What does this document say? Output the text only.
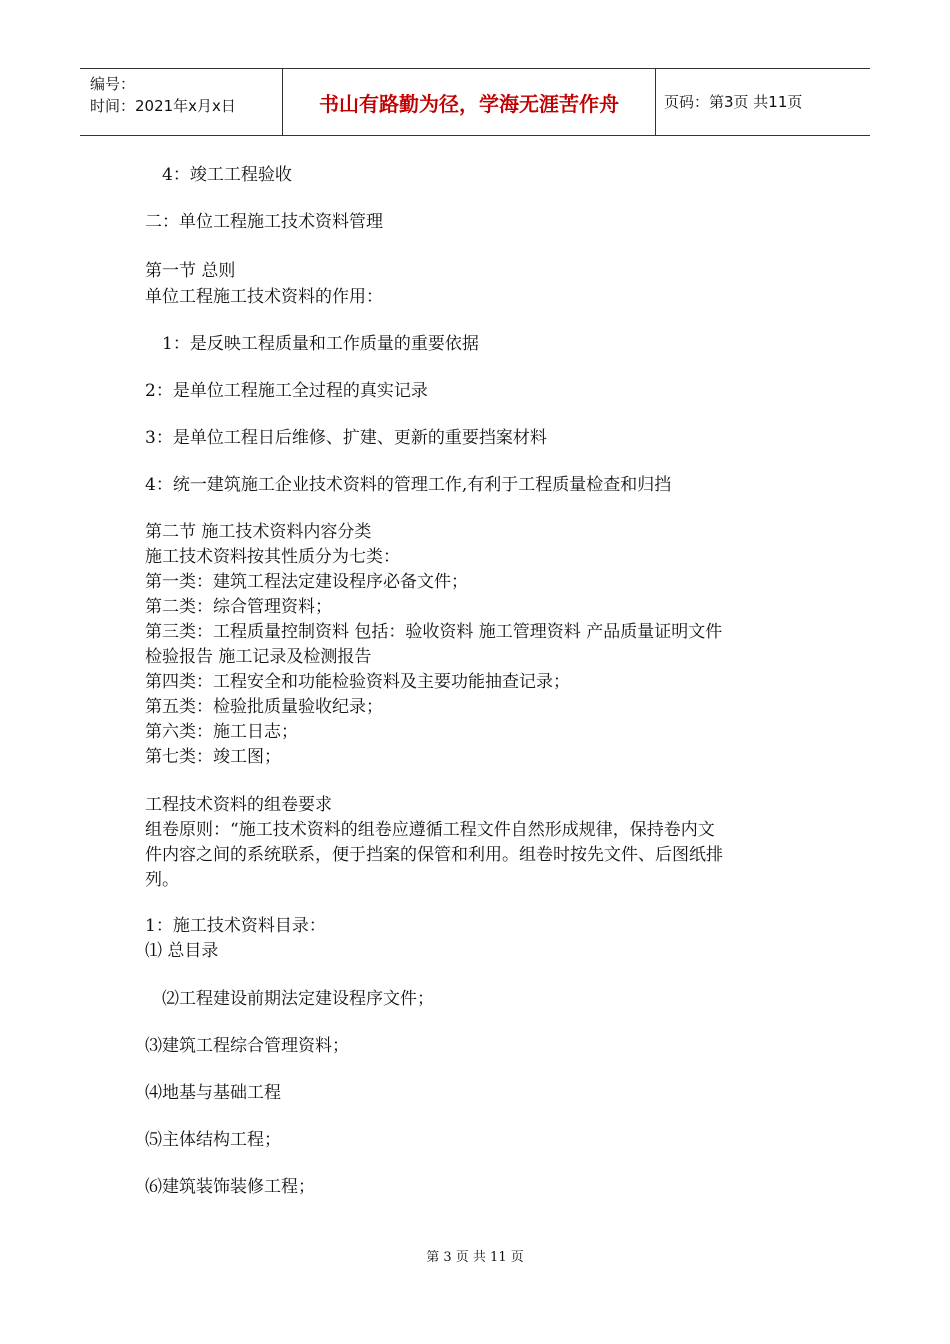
编号：
时间：2021年x月x日	书山有路勤为径，学海无涯苦作舟	页码：第3页 共11页
4：竣工工程验收
二：单位工程施工技术资料管理
第一节 总则
单位工程施工技术资料的作用：
1：是反映工程质量和工作质量的重要依据
2：是单位工程施工全过程的真实记录
3：是单位工程日后维修、扩建、更新的重要挡案材料
4：统一建筑施工企业技术资料的管理工作,有利于工程质量检查和归挡
第二节 施工技术资料内容分类
施工技术资料按其性质分为七类：
第一类：建筑工程法定建设程序必备文件；
第二类：综合管理资料；
第三类：工程质量控制资料 包括：验收资料 施工管理资料 产品质量证明文件
检验报告 施工记录及检测报告
第四类：工程安全和功能检验资料及主要功能抽查记录；
第五类：检验批质量验收纪录；
第六类：施工日志；
第七类：竣工图；
工程技术资料的组卷要求
组卷原则：“施工技术资料的组卷应遵循工程文件自然形成规律，保持卷内文
件内容之间的系统联系，便于挡案的保管和利用。组卷时按先文件、后图纸排
列。
1：施工技术资料目录：
⑴ 总目录
⑵工程建设前期法定建设程序文件；
⑶建筑工程综合管理资料；
⑷地基与基础工程
⑸主体结构工程；
⑹建筑装饰装修工程；
第 3 页 共 11 页
